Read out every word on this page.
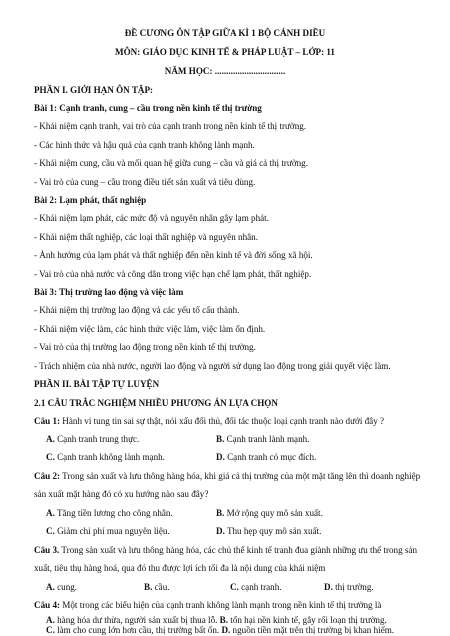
ĐỀ CƯƠNG ÔN TẬP GIỮA KÌ 1 BỘ CÁNH DIỀU
MÔN: GIÁO DỤC KINH TẾ & PHÁP LUẬT – LỚP: 11
NĂM HỌC: ...............................
PHẦN I. GIỚI HẠN ÔN TẬP:
Bài 1: Cạnh tranh, cung – cầu trong nền kinh tế thị trường
- Khái niệm cạnh tranh, vai trò của cạnh tranh trong nền kinh tế thị trường.
- Các hình thức và hậu quả của cạnh tranh không lành mạnh.
- Khái niệm cung, cầu và mối quan hệ giữa cung – cầu và giá cả thị trường.
- Vai trò của cung – cầu trong điều tiết sản xuất và tiêu dùng.
Bài 2: Lạm phát, thất nghiệp
- Khái niệm lạm phát, các mức độ và nguyên nhân gây lạm phát.
- Khái niệm thất nghiệp, các loại thất nghiệp và nguyên nhân.
- Ảnh hưởng của lạm phát và thất nghiệp đến nền kinh tế và đời sống xã hội.
- Vai trò của nhà nước và công dân trong việc hạn chế lạm phát, thất nghiệp.
Bài 3: Thị trường lao động và việc làm
- Khái niệm thị trường lao động và các yếu tố cấu thành.
- Khái niệm việc làm, các hình thức việc làm, việc làm ổn định.
- Vai trò của thị trường lao động trong nền kinh tế thị trường.
- Trách nhiệm của nhà nước, người lao động và người sử dụng lao động trong giải quyết việc làm.
PHẦN II. BÀI TẬP TỰ LUYỆN
2.1 CÂU TRẮC NGHIỆM NHIỀU PHƯƠNG ÁN LỰA CHỌN
Câu 1: Hành vi tung tin sai sự thật, nói xấu đối thủ, đối tác thuộc loại cạnh tranh nào dưới đây ?
A. Cạnh tranh trung thực.	B. Cạnh tranh lành mạnh.
C. Cạnh tranh không lành mạnh.	D. Cạnh tranh có mục đích.
Câu 2: Trong sản xuất và lưu thông hàng hóa, khi giá cả thị trường của một mặt tăng lên thì doanh nghiệp
sản xuất mặt hàng đó có xu hướng nào sau đây?
A. Tăng tiền lương cho công nhân.	B. Mở rộng quy mô sản xuất.
C. Giảm chi phí mua nguyên liệu.	D. Thu hẹp quy mô sản xuất.
Câu 3. Trong sản xuất và lưu thông hàng hóa, các chủ thể kinh tế tranh đua giành những ưu thế trong sản
xuất, tiêu thụ hàng hoá, qua đó thu được lợi ích tối đa là nội dung của khái niệm
A. cung.	B. cầu.	C. cạnh tranh.	D. thị trường.
Câu 4: Một trong các biểu hiện của cạnh tranh không lành mạnh trong nền kinh tế thị trường là
A. hàng hóa dư thừa, người sản xuất bị thua lỗ. B. tổn hại nền kinh tế, gây rối loạn thị trường.
C. làm cho cung lớn hơn cầu, thị trường bất ổn. D. nguồn tiền mặt trên thị trường bị khan hiếm.
